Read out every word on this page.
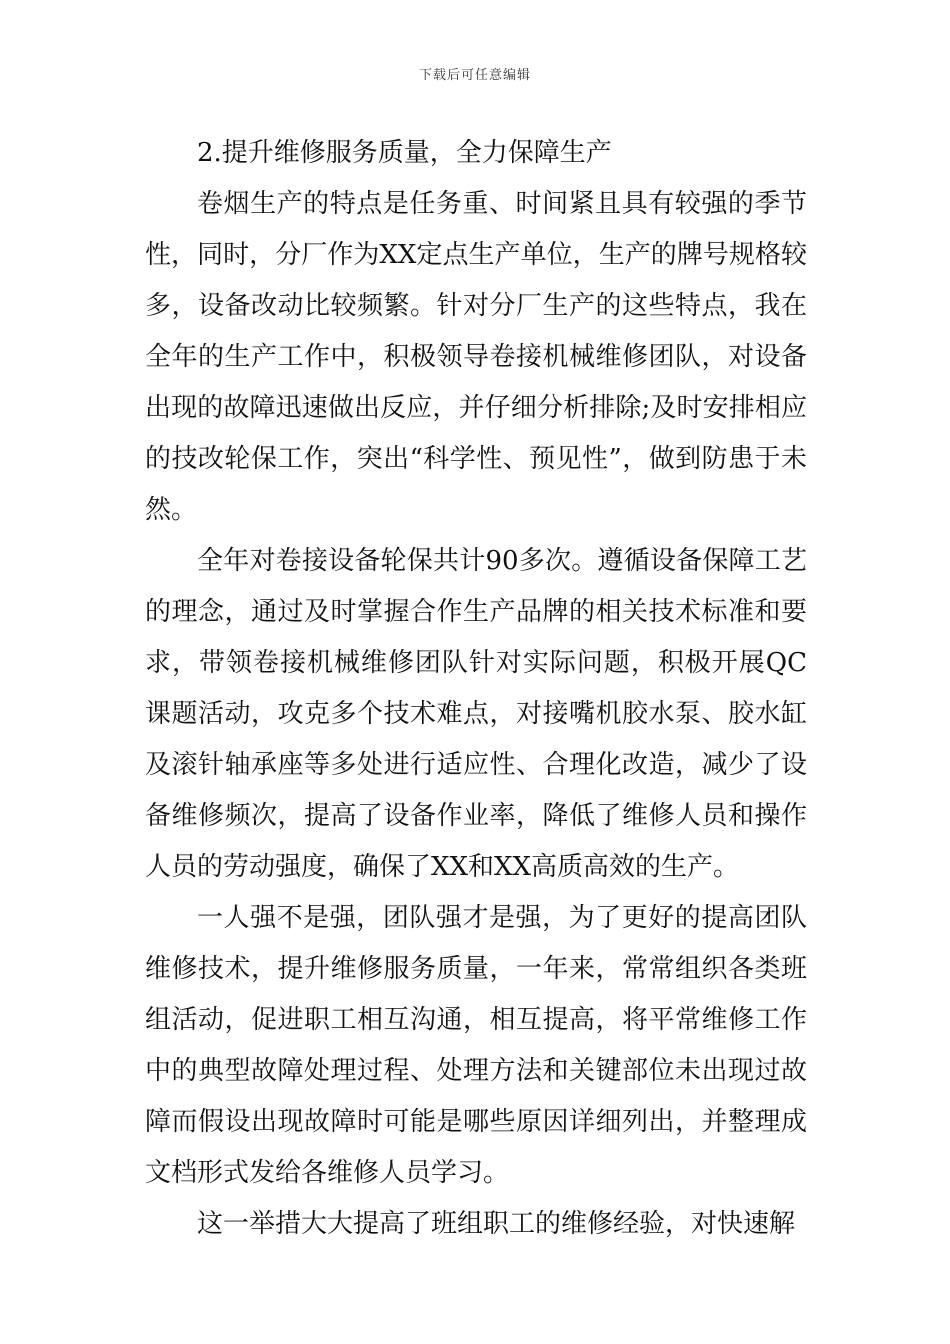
下载后可任意编辑

2.提升维修服务质量，全力保障生产

卷烟生产的特点是任务重、时间紧且具有较强的季节性，同时，分厂作为XX定点生产单位，生产的牌号规格较多，设备改动比较频繁。针对分厂生产的这些特点，我在全年的生产工作中，积极领导卷接机械维修团队，对设备出现的故障迅速做出反应，并仔细分析排除;及时安排相应的技改轮保工作，突出“科学性、预见性”，做到防患于未然。

全年对卷接设备轮保共计90多次。遵循设备保障工艺的理念，通过及时掌握合作生产品牌的相关技术标准和要求，带领卷接机械维修团队针对实际问题，积极开展QC课题活动，攻克多个技术难点，对接嘴机胶水泵、胶水缸及滚针轴承座等多处进行适应性、合理化改造，减少了设备维修频次，提高了设备作业率，降低了维修人员和操作人员的劳动强度，确保了XX和XX高质高效的生产。

一人强不是强，团队强才是强，为了更好的提高团队维修技术，提升维修服务质量，一年来，常常组织各类班组活动，促进职工相互沟通，相互提高，将平常维修工作中的典型故障处理过程、处理方法和关键部位未出现过故障而假设出现故障时可能是哪些原因详细列出，并整理成文档形式发给各维修人员学习。

这一举措大大提高了班组职工的维修经验，对快速解
